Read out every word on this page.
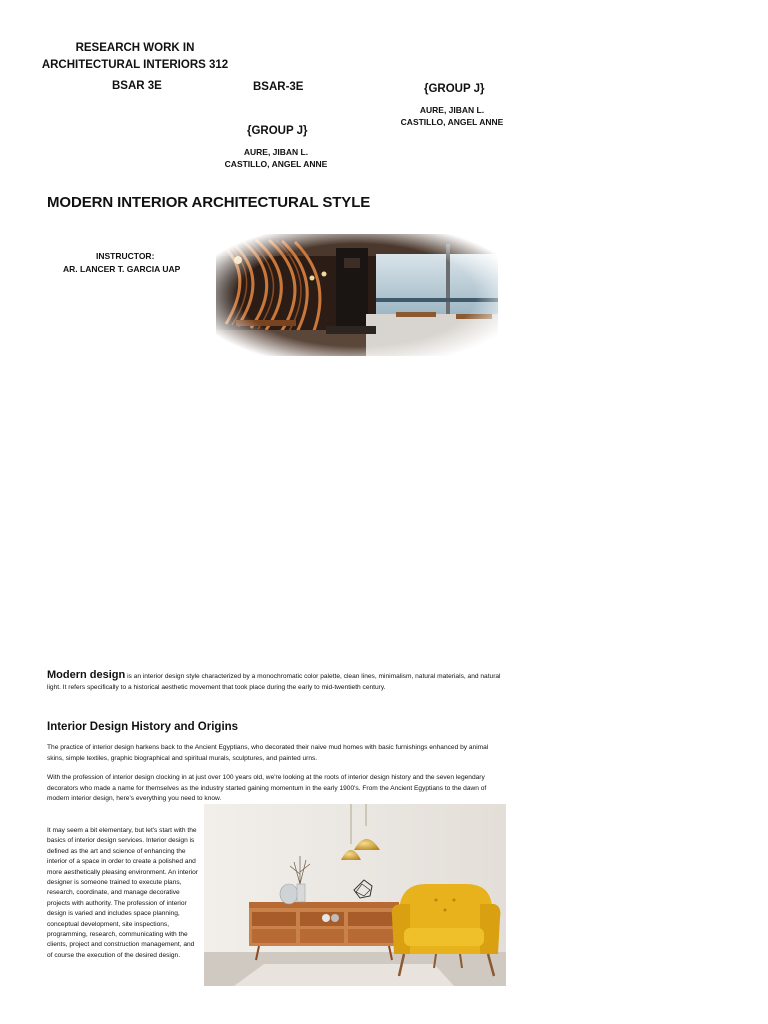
RESEARCH WORK IN
ARCHITECTURAL INTERIORS 312
BSAR 3E	BSAR-3E	{GROUP J}
AURE, JIBAN L.
CASTILLO, ANGEL ANNE
{GROUP J}
AURE, JIBAN L.
CASTILLO, ANGEL ANNE
MODERN INTERIOR ARCHITECTURAL STYLE
INSTRUCTOR:
AR. LANCER T. GARCIA UAP
Modern design is an interior design style characterized by a monochromatic color palette, clean lines, minimalism, natural materials, and natural light. It refers specifically to a historical aesthetic movement that took place during the early to mid-twentieth century.
Interior Design History and Origins
The practice of interior design harkens back to the Ancient Egyptians, who decorated their naive mud homes with basic furnishings enhanced by animal skins, simple textiles, graphic biographical and spiritual murals, sculptures, and painted urns.
With the profession of interior design clocking in at just over 100 years old, we're looking at the roots of interior design history and the seven legendary decorators who made a name for themselves as the industry started gaining momentum in the early 1900's. From the Ancient Egyptians to the dawn of modern interior design, here's everything you need to know.
It may seem a bit elementary, but let's start with the basics of interior design services. Interior design is defined as the art and science of enhancing the interior of a space in order to create a polished and more aesthetically pleasing environment. An interior designer is someone trained to execute plans, research, coordinate, and manage decorative projects with authority. The profession of interior design is varied and includes space planning, conceptual development, site inspections, programming, research, communicating with the clients, project and construction management, and of course the execution of the desired design.
